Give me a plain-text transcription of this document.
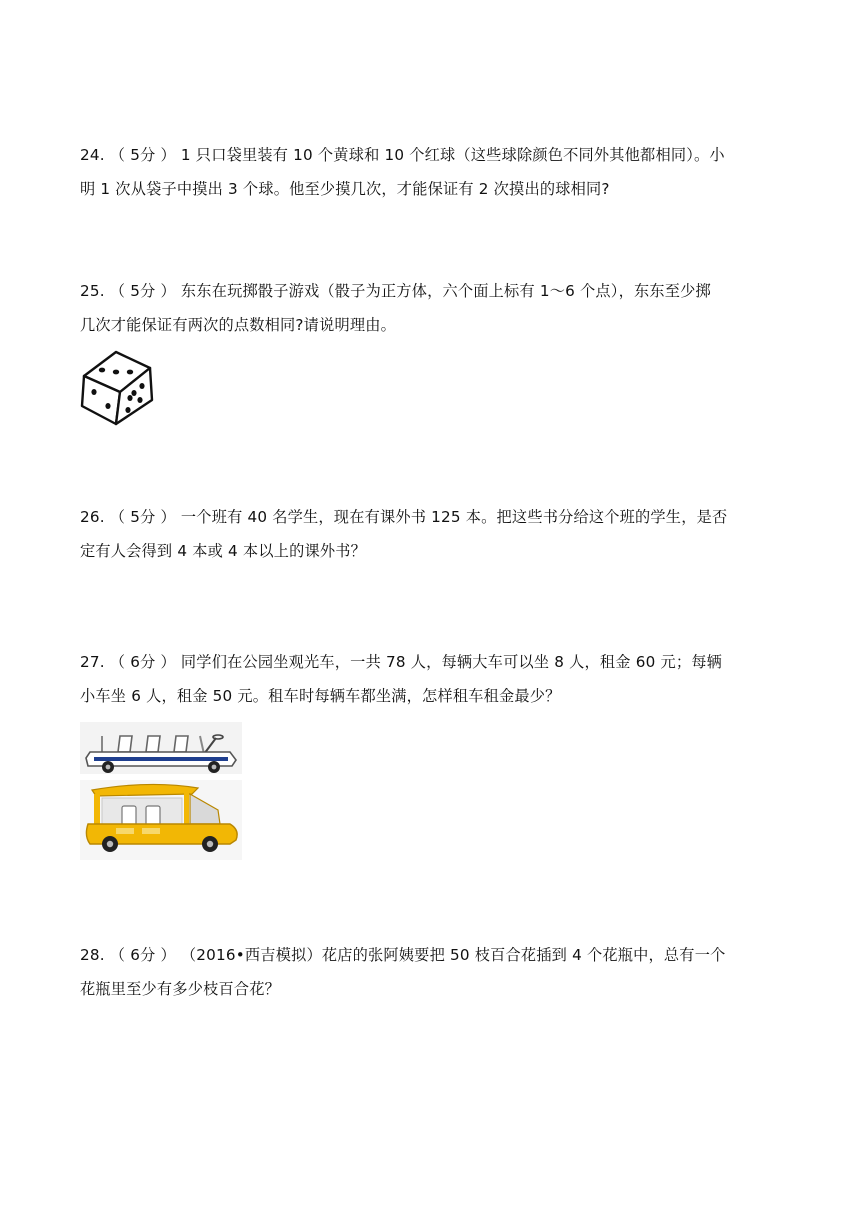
24. （ 5分 ） 1 只口袋里装有 10 个黄球和 10 个红球（这些球除颜色不同外其他都相同）。小

明 1 次从袋子中摸出 3 个球。他至少摸几次，才能保证有 2 次摸出的球相同?

25. （ 5分 ） 东东在玩掷骰子游戏（骰子为正方体，六个面上标有 1～6 个点），东东至少掷

几次才能保证有两次的点数相同?请说明理由。

26. （ 5分 ） 一个班有 40 名学生，现在有课外书 125 本。把这些书分给这个班的学生，是否

定有人会得到 4 本或 4 本以上的课外书？

27. （ 6分 ） 同学们在公园坐观光车，一共 78 人，每辆大车可以坐 8 人，租金 60 元；每辆

小车坐 6 人，租金 50 元。租车时每辆车都坐满，怎样租车租金最少？

28. （ 6分 ） （2016•西吉模拟）花店的张阿姨要把 50 枝百合花插到 4 个花瓶中，总有一个

花瓶里至少有多少枝百合花？
